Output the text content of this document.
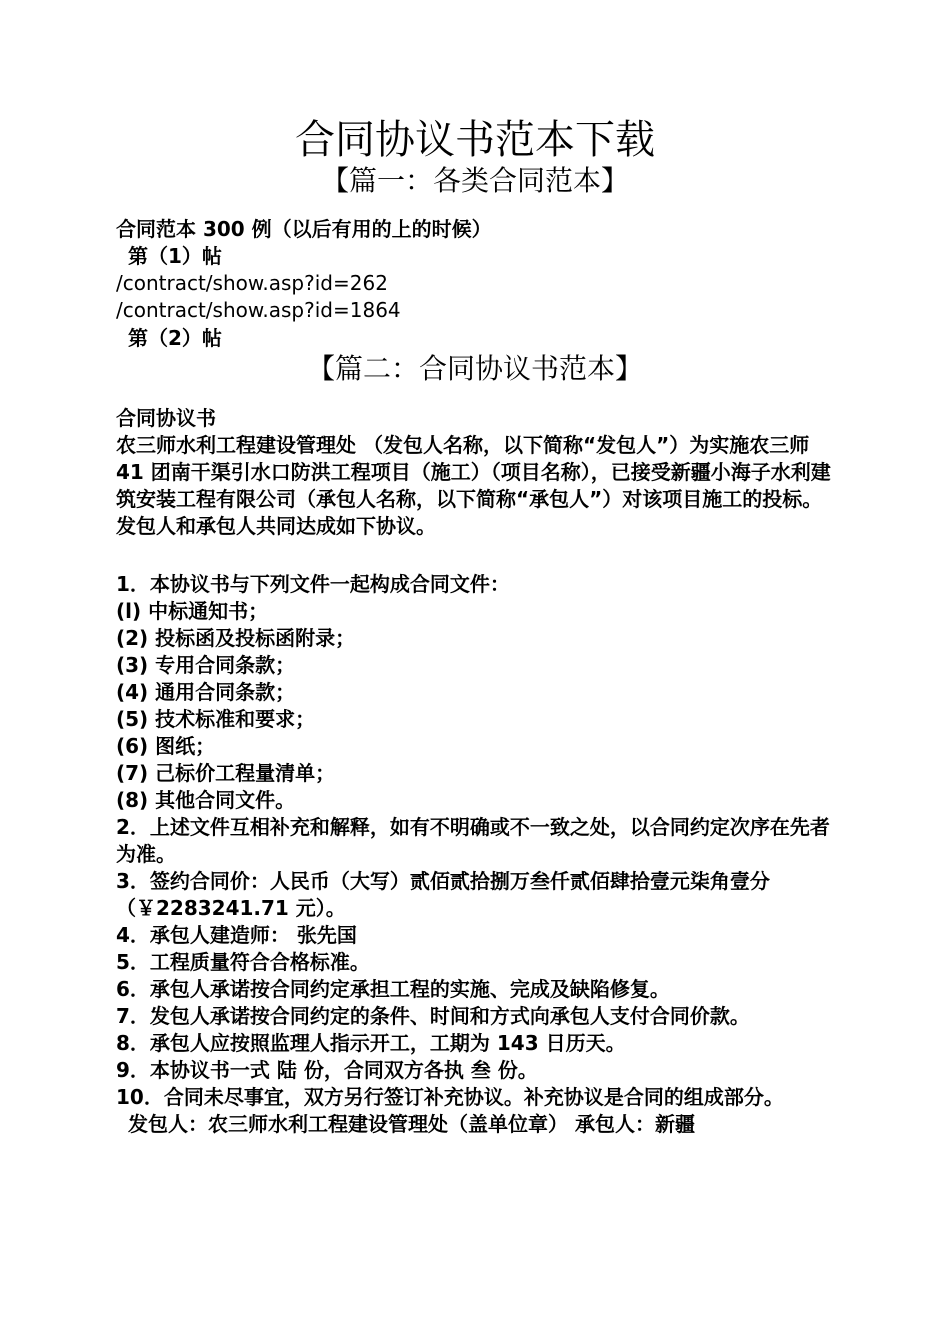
合同协议书范本下载
【篇一：各类合同范本】

合同范本 300 例（以后有用的上的时候）

第（1）帖

/contract/show.asp?id=262

/contract/show.asp?id=1864

第（2）帖

【篇二：合同协议书范本】

合同协议书

农三师水利工程建设管理处 （发包人名称，以下简称“发包人”）为实施农三师 41 团南干渠引水口防洪工程项目（施工）（项目名称），已接受新疆小海子水利建筑安装工程有限公司（承包人名称，以下简称“承包人”）对该项目施工的投标。发包人和承包人共同达成如下协议。

1．本协议书与下列文件一起构成合同文件：

(l) 中标通知书；

(2) 投标函及投标函附录；

(3) 专用合同条款；

(4) 通用合同条款；

(5) 技术标准和要求；

(6) 图纸；

(7) 己标价工程量清单；

(8) 其他合同文件。

2．上述文件互相补充和解释，如有不明确或不一致之处，以合同约定次序在先者为准。

3．签约合同价：人民币（大写）贰佰贰拾捌万叁仟贰佰肆拾壹元柒角壹分 （￥2283241.71 元）。

4．承包人建造师： 张先国

5．工程质量符合合格标准。

6．承包人承诺按合同约定承担工程的实施、完成及缺陷修复。

7．发包人承诺按合同约定的条件、时间和方式向承包人支付合同价款。

8．承包人应按照监理人指示开工，工期为 143 日历天。

9．本协议书一式 陆 份，合同双方各执 叁 份。

10．合同未尽事宜，双方另行签订补充协议。补充协议是合同的组成部分。

发包人：农三师水利工程建设管理处（盖单位章） 承包人：新疆
